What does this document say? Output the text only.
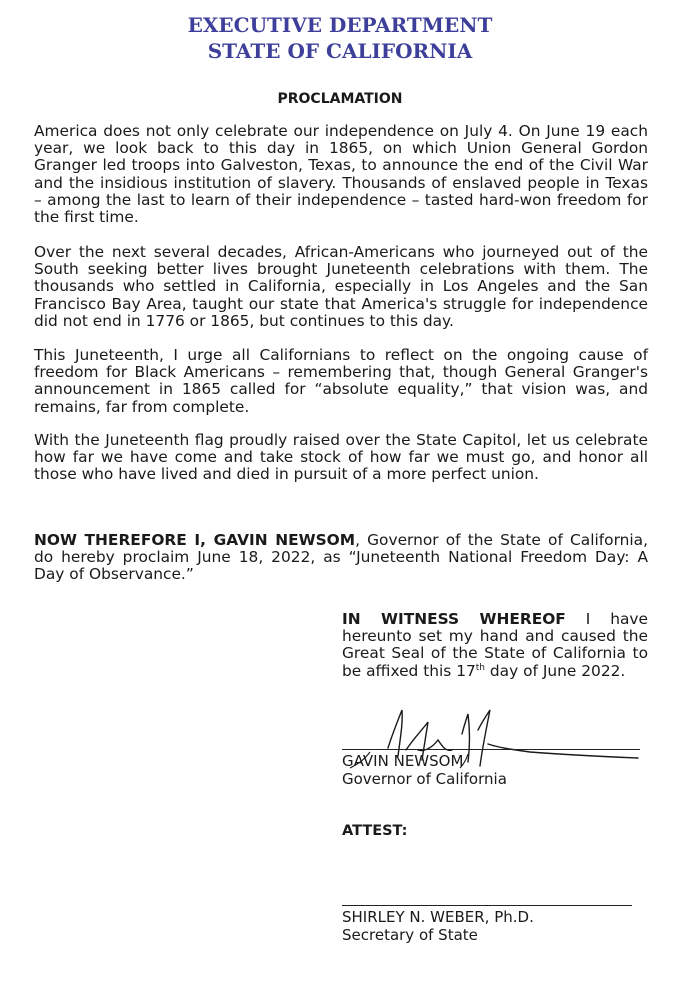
EXECUTIVE DEPARTMENT
STATE OF CALIFORNIA
PROCLAMATION

America does not only celebrate our independence on July 4. On June 19 each year, we look back to this day in 1865, on which Union General Gordon Granger led troops into Galveston, Texas, to announce the end of the Civil War and the insidious institution of slavery. Thousands of enslaved people in Texas – among the last to learn of their independence – tasted hard-won freedom for the first time.

Over the next several decades, African-Americans who journeyed out of the South seeking better lives brought Juneteenth celebrations with them. The thousands who settled in California, especially in Los Angeles and the San Francisco Bay Area, taught our state that America's struggle for independence did not end in 1776 or 1865, but continues to this day.

This Juneteenth, I urge all Californians to reflect on the ongoing cause of freedom for Black Americans – remembering that, though General Granger's announcement in 1865 called for “absolute equality,” that vision was, and remains, far from complete.

With the Juneteenth flag proudly raised over the State Capitol, let us celebrate how far we have come and take stock of how far we must go, and honor all those who have lived and died in pursuit of a more perfect union.

NOW THEREFORE I, GAVIN NEWSOM, Governor of the State of California, do hereby proclaim June 18, 2022, as “Juneteenth National Freedom Day: A Day of Observance.”

IN WITNESS WHEREOF I have hereunto set my hand and caused the Great Seal of the State of California to be affixed this 17th day of June 2022.

GAVIN NEWSOM
Governor of California
ATTEST:
SHIRLEY N. WEBER, Ph.D.
Secretary of State
